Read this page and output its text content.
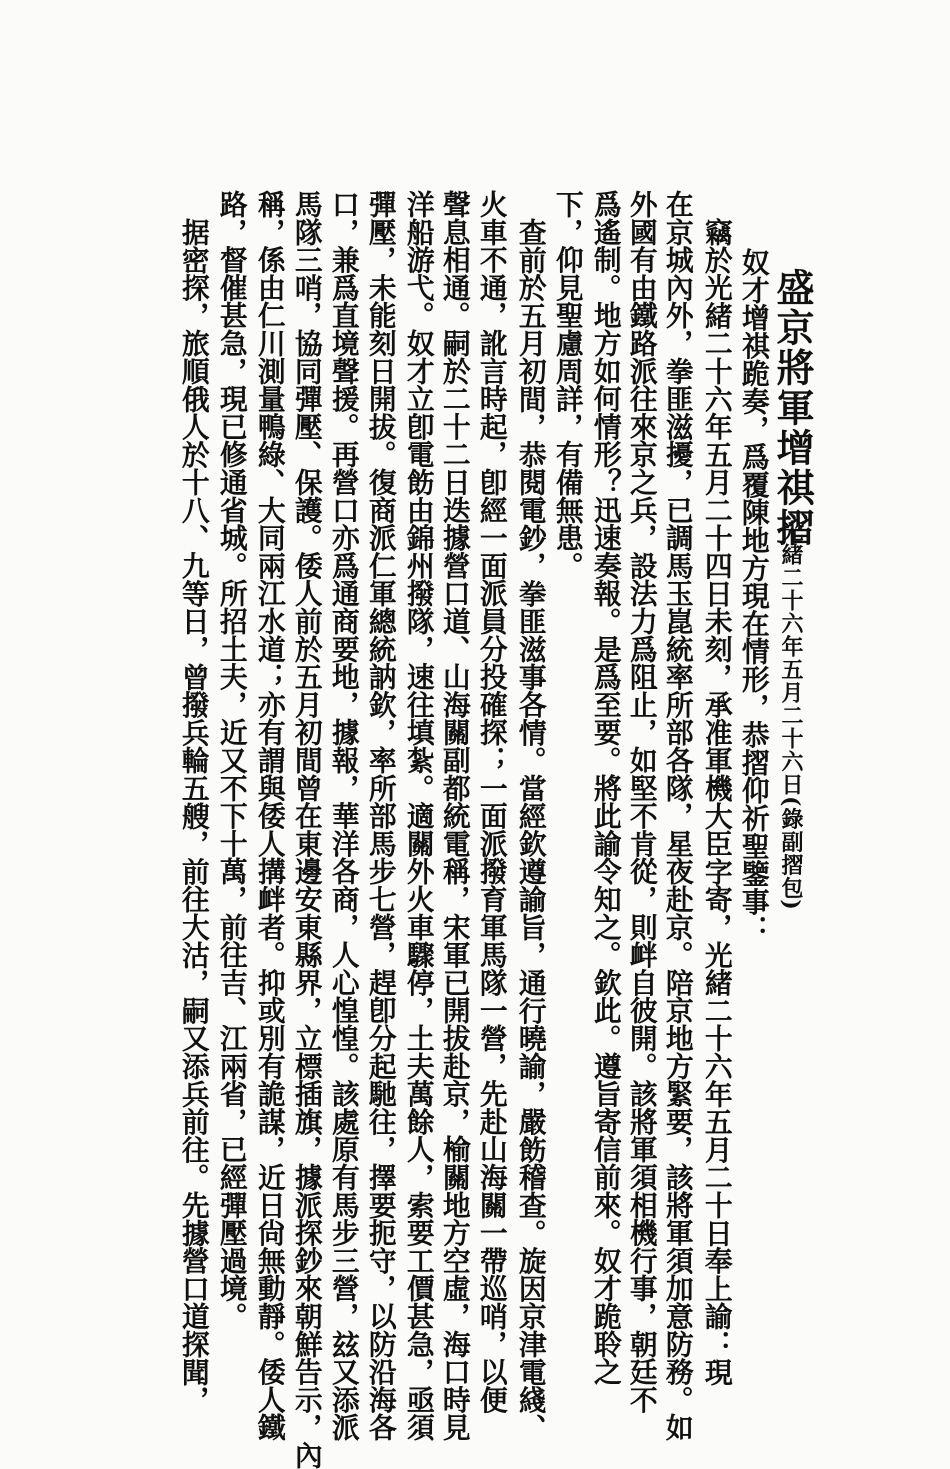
盛京將軍增祺摺
光緒二十六年五月二十六日(錄副摺包)
奴才增祺跪奏，爲覆陳地方現在情形，恭摺仰祈聖鑒事：
竊於光緒二十六年五月二十四日未刻，承准軍機大臣字寄，光緒二十六年五月二十日奉上諭：現
在京城內外，拳匪滋擾，已調馬玉崑統率所部各隊，星夜赴京。陪京地方緊要，該將軍須加意防務。如
外國有由鐵路派往來京之兵，設法力爲阻止，如堅不肯從，則衅自彼開。該將軍須相機行事，朝廷不
爲遙制。地方如何情形？迅速奏報。是爲至要。將此諭令知之。欽此。遵旨寄信前來。奴才跪聆之
下，仰見聖慮周詳，有備無患。
查前於五月初間，恭閱電鈔，拳匪滋事各情。當經欽遵諭旨，通行曉諭，嚴飭稽查。旋因京津電綫、
火車不通，訛言時起，卽經一面派員分投確探；一面派撥育軍馬隊一營，先赴山海關一帶巡哨，以便
聲息相通。嗣於二十二日迭據營口道、山海關副都統電稱，宋軍已開拔赴京，榆關地方空虛，海口時見
洋船游弋。奴才立卽電飭由錦州撥隊，速往填紮。適關外火車驟停，土夫萬餘人，索要工價甚急，亟須
彈壓，未能刻日開拔。復商派仁軍總統訥欽，率所部馬步七營，趕卽分起馳往，擇要扼守，以防沿海各
口，兼爲直境聲援。再營口亦爲通商要地，據報，華洋各商，人心惶惶。該處原有馬步三營，玆又添派
馬隊三哨，協同彈壓、保護。倭人前於五月初間曾在東邊安東縣界，立標插旗，據派探鈔來朝鮮告示，內
稱，係由仁川測量鴨綠、大同兩江水道；亦有謂與倭人搆衅者。抑或別有詭謀，近日尙無動靜。倭人鐵
路，督催甚急，現已修通省城。所招土夫，近又不下十萬，前往吉、江兩省，已經彈壓過境。
据密探，旅順俄人於十八、九等日，曾撥兵輪五艘，前往大沽，嗣又添兵前往。先據營口道探聞，
